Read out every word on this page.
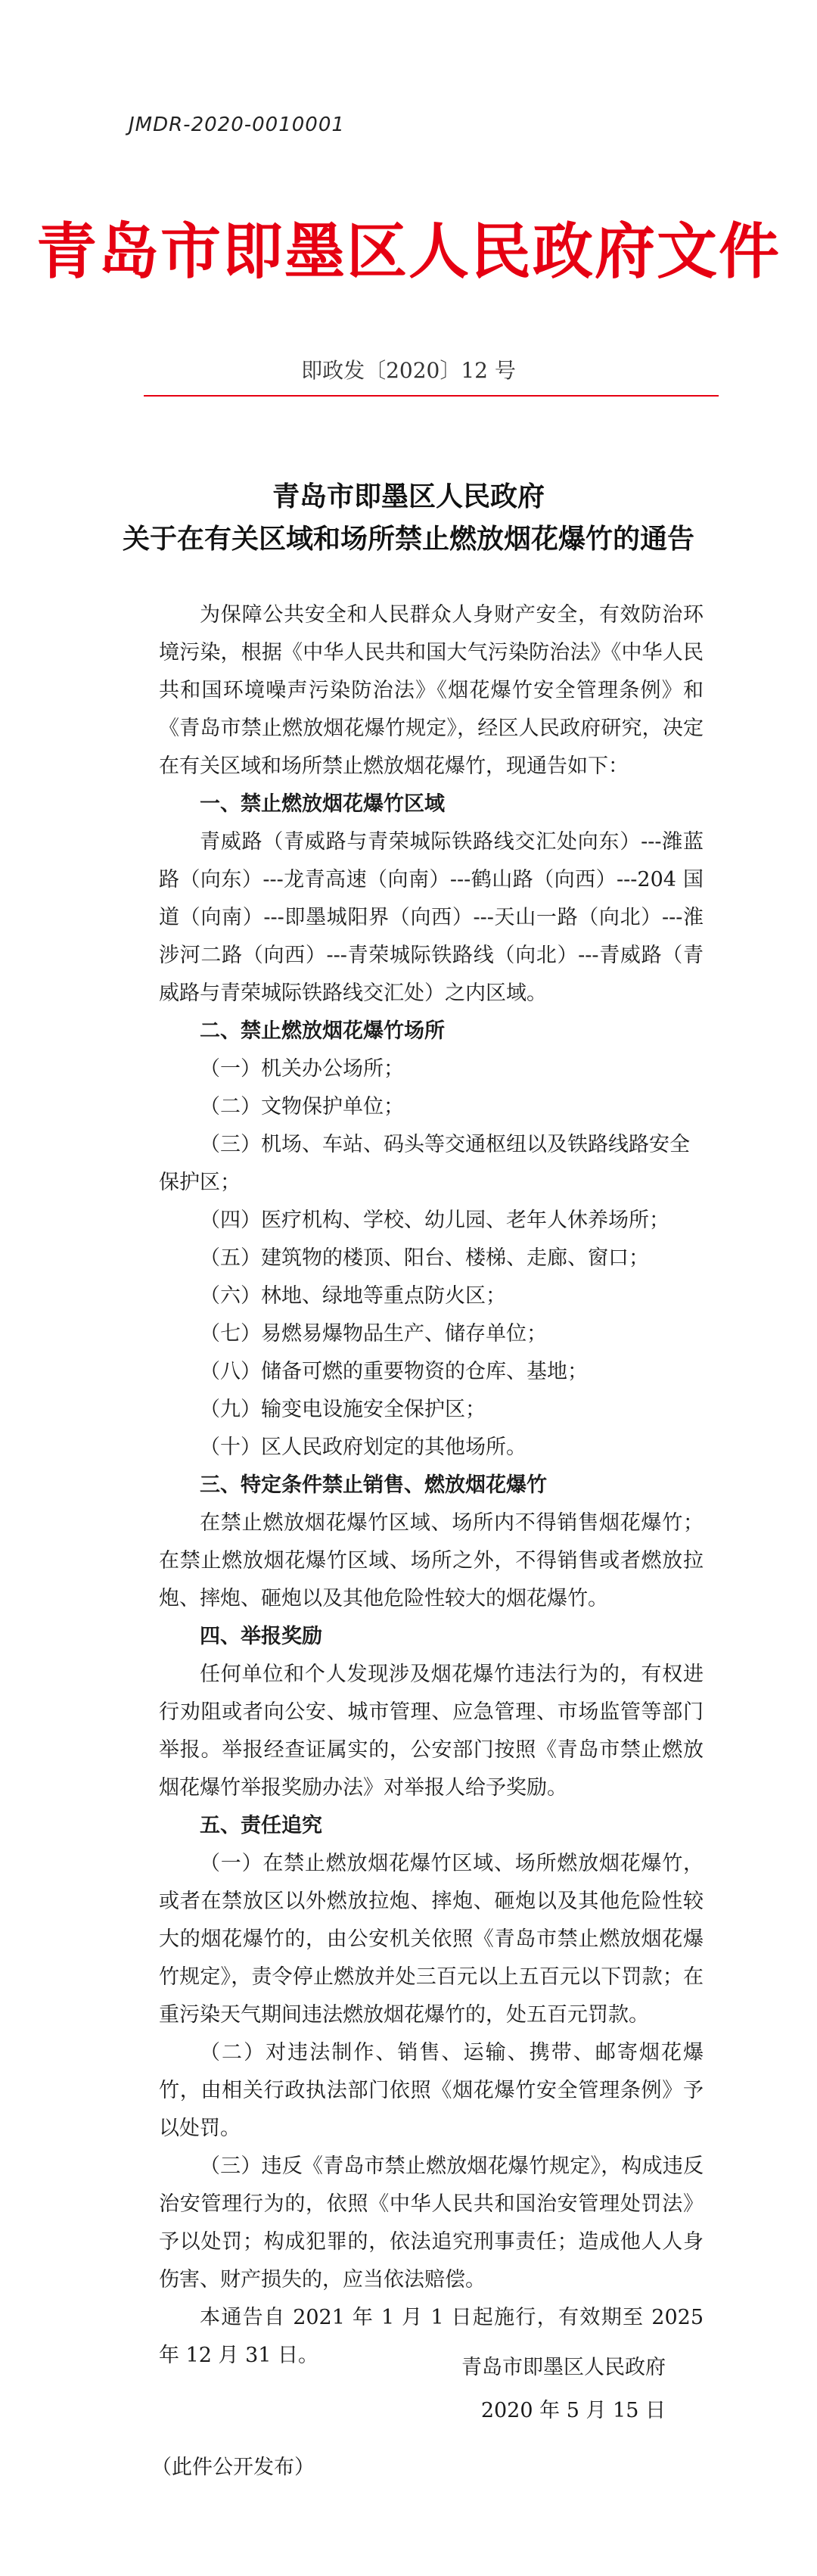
JMDR-2020-0010001
青岛市即墨区人民政府文件
即政发〔2020〕12 号
青岛市即墨区人民政府
关于在有关区域和场所禁止燃放烟花爆竹的通告

为保障公共安全和人民群众人身财产安全，有效防治环境污染，根据《中华人民共和国大气污染防治法》《中华人民共和国环境噪声污染防治法》《烟花爆竹安全管理条例》和《青岛市禁止燃放烟花爆竹规定》，经区人民政府研究，决定在有关区域和场所禁止燃放烟花爆竹，现通告如下：

一、禁止燃放烟花爆竹区域

青威路（青威路与青荣城际铁路线交汇处向东）---潍蓝路（向东）---龙青高速（向南）---鹤山路（向西）---204 国道（向南）---即墨城阳界（向西）---天山一路（向北）---淮涉河二路（向西）---青荣城际铁路线（向北）---青威路（青威路与青荣城际铁路线交汇处）之内区域。

二、禁止燃放烟花爆竹场所

（一）机关办公场所；

（二）文物保护单位；

（三）机场、车站、码头等交通枢纽以及铁路线路安全保护区；

（四）医疗机构、学校、幼儿园、老年人休养场所；

（五）建筑物的楼顶、阳台、楼梯、走廊、窗口；

（六）林地、绿地等重点防火区；

（七）易燃易爆物品生产、储存单位；

（八）储备可燃的重要物资的仓库、基地；

（九）输变电设施安全保护区；

（十）区人民政府划定的其他场所。

三、特定条件禁止销售、燃放烟花爆竹

在禁止燃放烟花爆竹区域、场所内不得销售烟花爆竹；在禁止燃放烟花爆竹区域、场所之外，不得销售或者燃放拉炮、摔炮、砸炮以及其他危险性较大的烟花爆竹。

四、举报奖励

任何单位和个人发现涉及烟花爆竹违法行为的，有权进行劝阻或者向公安、城市管理、应急管理、市场监管等部门举报。举报经查证属实的，公安部门按照《青岛市禁止燃放烟花爆竹举报奖励办法》对举报人给予奖励。

五、责任追究

（一）在禁止燃放烟花爆竹区域、场所燃放烟花爆竹，或者在禁放区以外燃放拉炮、摔炮、砸炮以及其他危险性较大的烟花爆竹的，由公安机关依照《青岛市禁止燃放烟花爆竹规定》，责令停止燃放并处三百元以上五百元以下罚款；在重污染天气期间违法燃放烟花爆竹的，处五百元罚款。

（二）对违法制作、销售、运输、携带、邮寄烟花爆竹，由相关行政执法部门依照《烟花爆竹安全管理条例》予以处罚。

（三）违反《青岛市禁止燃放烟花爆竹规定》，构成违反治安管理行为的，依照《中华人民共和国治安管理处罚法》予以处罚；构成犯罪的，依法追究刑事责任；造成他人人身伤害、财产损失的，应当依法赔偿。

本通告自 2021 年 1 月 1 日起施行，有效期至 2025 年 12 月 31 日。

青岛市即墨区人民政府
2020 年 5 月 15 日
（此件公开发布）
